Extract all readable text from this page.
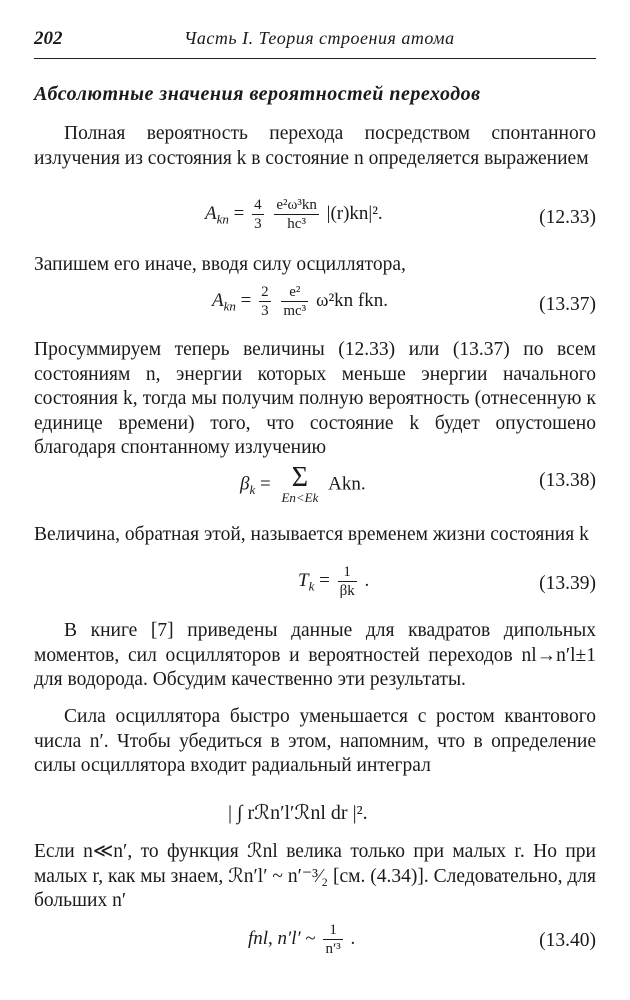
202	Часть I. Теория строения атома
Абсолютные значения вероятностей переходов

Полная вероятность перехода посредством спонтанного излучения из состояния k в состояние n определяется выражением

$A_{kn} = \frac{4}{3}$
$\frac{\text{e²ω³kn}}{\text{hc³}} |(r)kn|^2$.	(12.33)

Запишем его иначе, вводя силу осциллятора,

$A_{kn} = \frac{2}{3}$
$\frac{\text{e²}}{\text{mc³}} \omega^2kn$ fkn.	(13.37)

Просуммируем теперь величины (12.33) или (13.37) по всем состояниям n, энергии которых меньше энергии начального состояния k, тогда мы получим полную вероятность (отнесенную к единице времени) того, что состояние k будет опустошено благодаря спонтанному излучению

$\beta_k = \Sigma$
En<Ek
Akn.	(13.38)

Величина, обратная этой, называется временем жизни состояния k

$T_k = \frac{1}{\beta k}$ .	(13.39)

В книге [7] приведены данные для квадратов дипольных моментов, сил осцилляторов и вероятностей переходов nl→n′l±1 для водорода. Обсудим качественно эти результаты.

Сила осциллятора быстро уменьшается с ростом квантового числа n′. Чтобы убедиться в этом, напомним, что в определение силы осциллятора входит радиальный интеграл

| ∫ rℛn′l′ℛnl dr |².

Если n≪n′, то функция ℛnl велика только при малых r. Но при малых r, как мы знаем, ℛn′l′ ~ n′⁻³⁄₂ [см. (4.34)]. Следовательно, для больших n′

fnl, n′l′ ~ $\frac{1}{\text{n′³}}$ .	(13.40)
